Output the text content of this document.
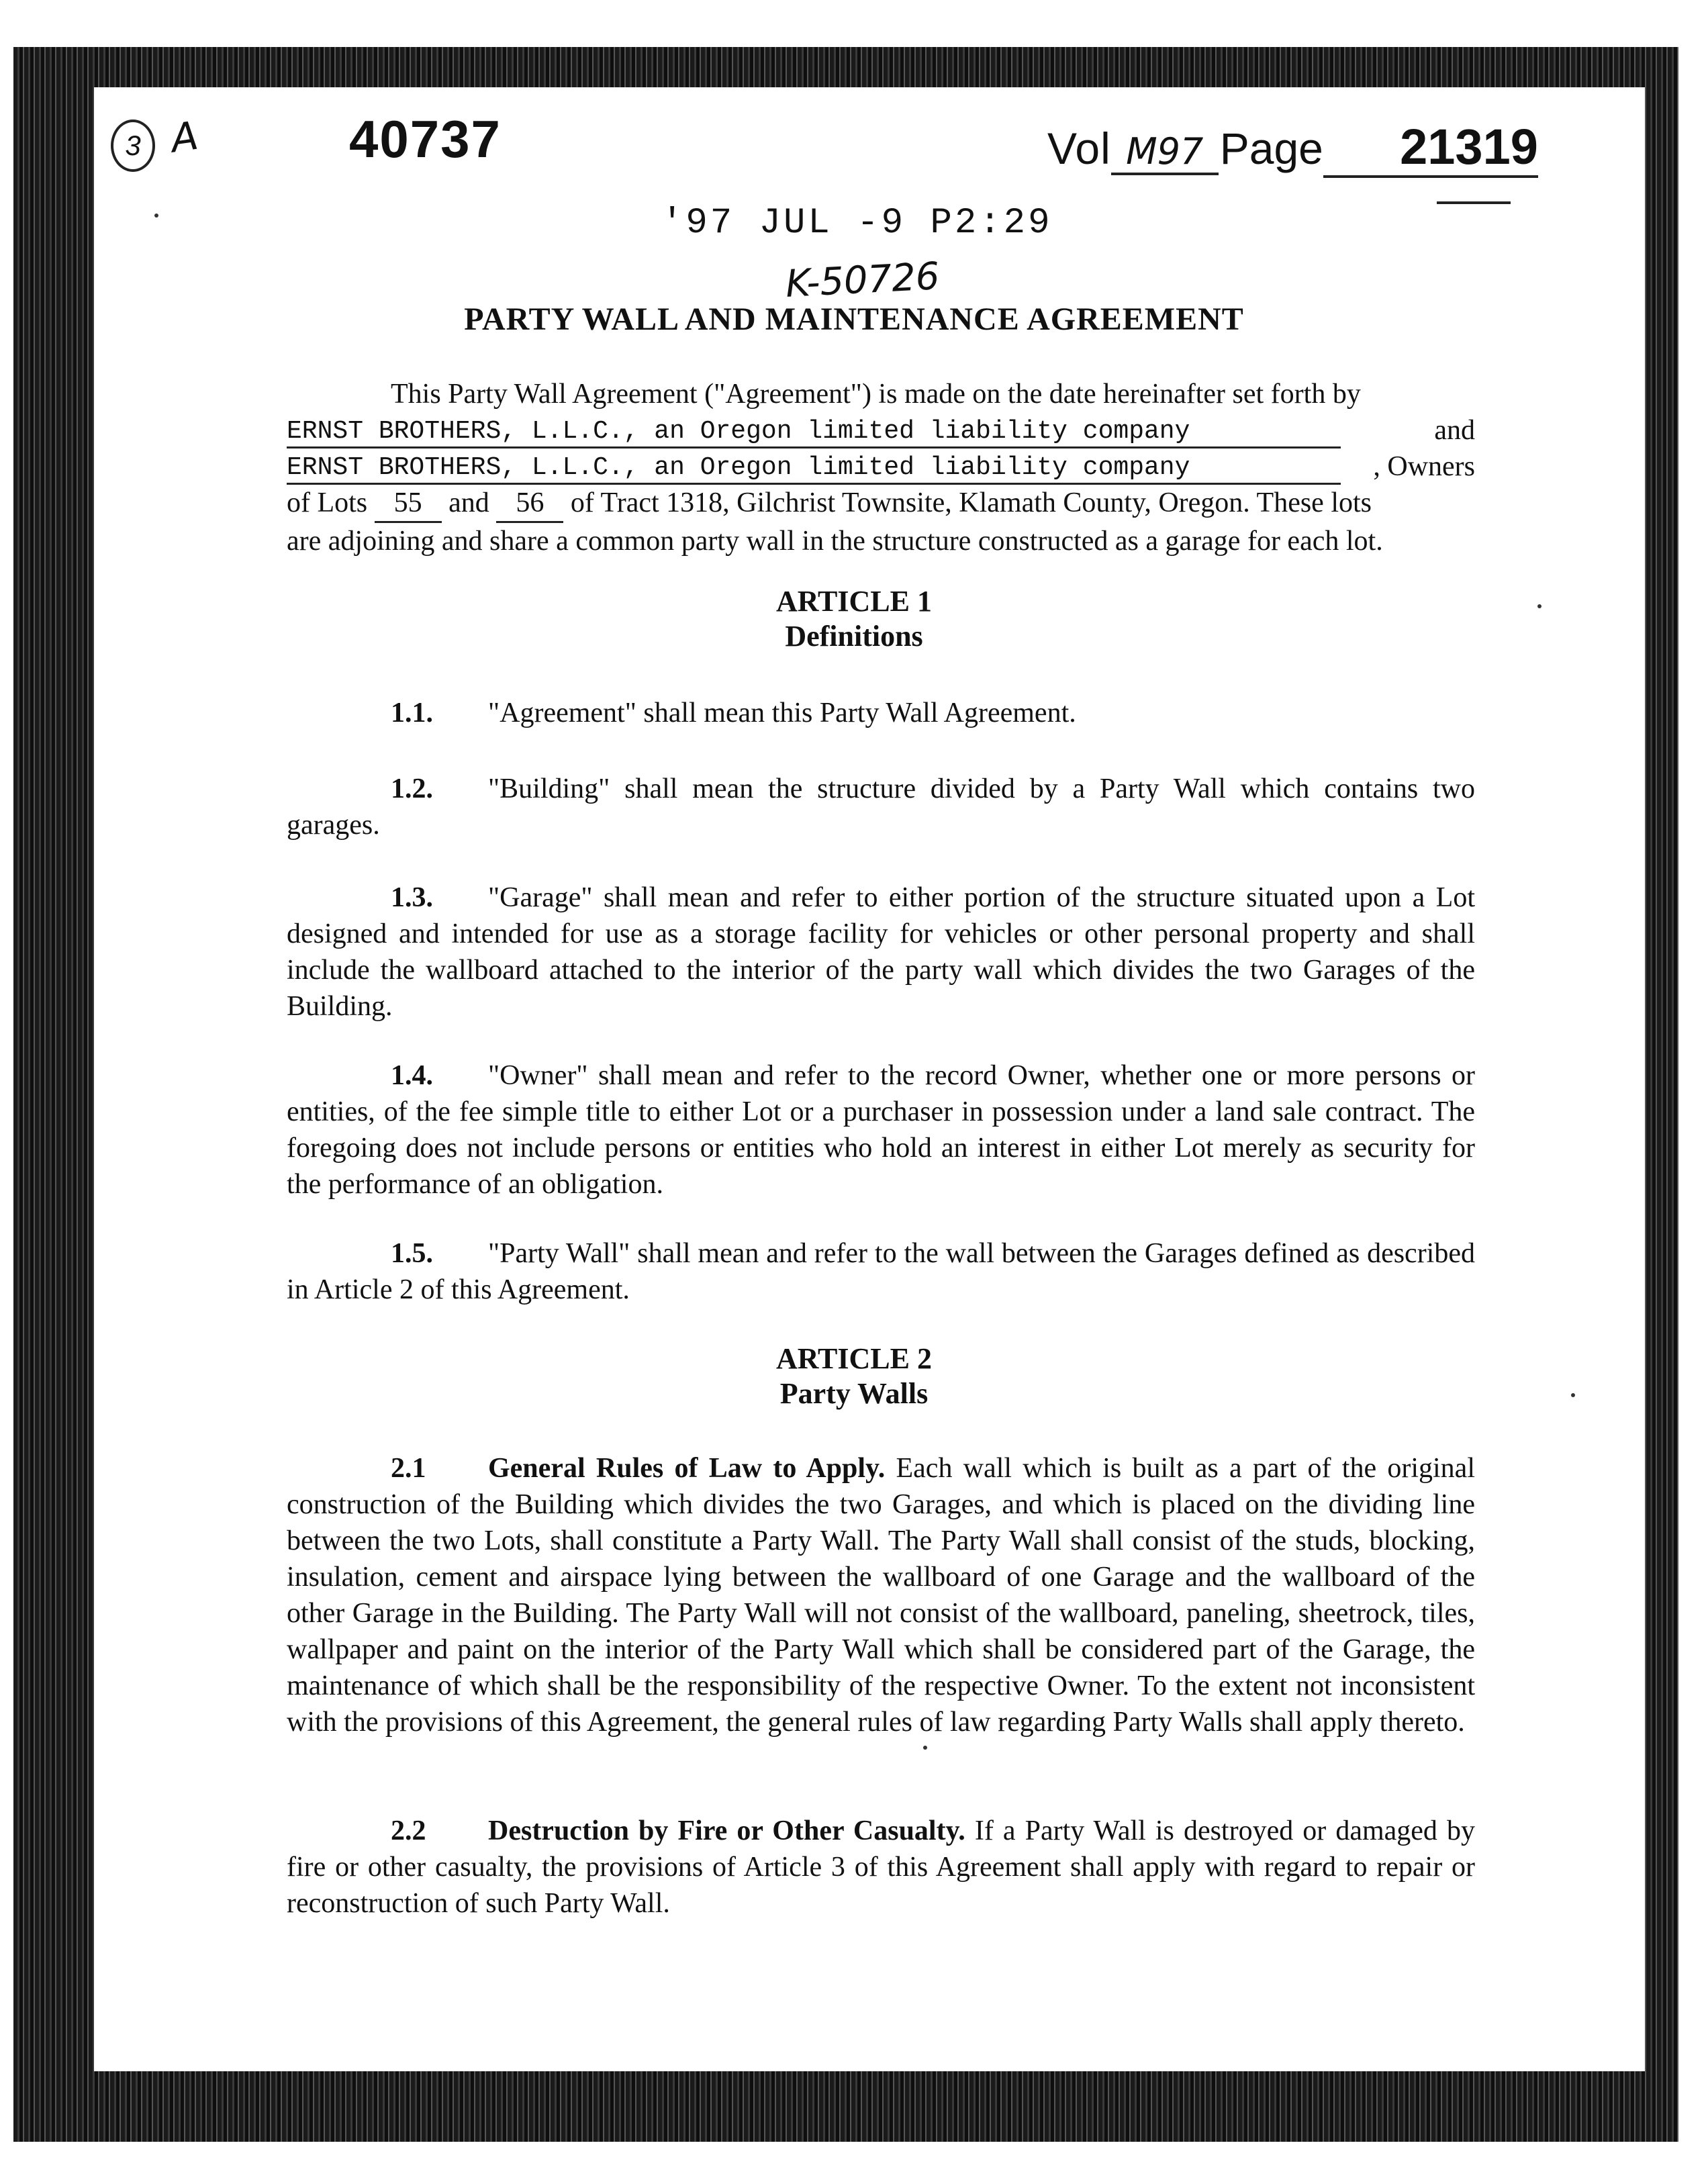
3 A	40737	Vol M97 Page 21319
'97 JUL -9 P2:29
K-50726
PARTY WALL AND MAINTENANCE AGREEMENT
This Party Wall Agreement ("Agreement") is made on the date hereinafter set forth by
ERNST BROTHERS, L.L.C., an Oregon limited liability company	and
ERNST BROTHERS, L.L.C., an Oregon limited liability company	, Owners
of Lots 55 and 56 of Tract 1318, Gilchrist Townsite, Klamath County, Oregon. These lots
are adjoining and share a common party wall in the structure constructed as a garage for each lot.
ARTICLE 1
Definitions
1.1. "Agreement" shall mean this Party Wall Agreement.
1.2. "Building" shall mean the structure divided by a Party Wall which contains two garages.
1.3. "Garage" shall mean and refer to either portion of the structure situated upon a Lot designed and intended for use as a storage facility for vehicles or other personal property and shall include the wallboard attached to the interior of the party wall which divides the two Garages of the Building.
1.4. "Owner" shall mean and refer to the record Owner, whether one or more persons or entities, of the fee simple title to either Lot or a purchaser in possession under a land sale contract. The foregoing does not include persons or entities who hold an interest in either Lot merely as security for the performance of an obligation.
1.5. "Party Wall" shall mean and refer to the wall between the Garages defined as described in Article 2 of this Agreement.
ARTICLE 2
Party Walls
2.1 General Rules of Law to Apply. Each wall which is built as a part of the original construction of the Building which divides the two Garages, and which is placed on the dividing line between the two Lots, shall constitute a Party Wall. The Party Wall shall consist of the studs, blocking, insulation, cement and airspace lying between the wallboard of one Garage and the wallboard of the other Garage in the Building. The Party Wall will not consist of the wallboard, paneling, sheetrock, tiles, wallpaper and paint on the interior of the Party Wall which shall be considered part of the Garage, the maintenance of which shall be the responsibility of the respective Owner. To the extent not inconsistent with the provisions of this Agreement, the general rules of law regarding Party Walls shall apply thereto.
2.2 Destruction by Fire or Other Casualty. If a Party Wall is destroyed or damaged by fire or other casualty, the provisions of Article 3 of this Agreement shall apply with regard to repair or reconstruction of such Party Wall.
